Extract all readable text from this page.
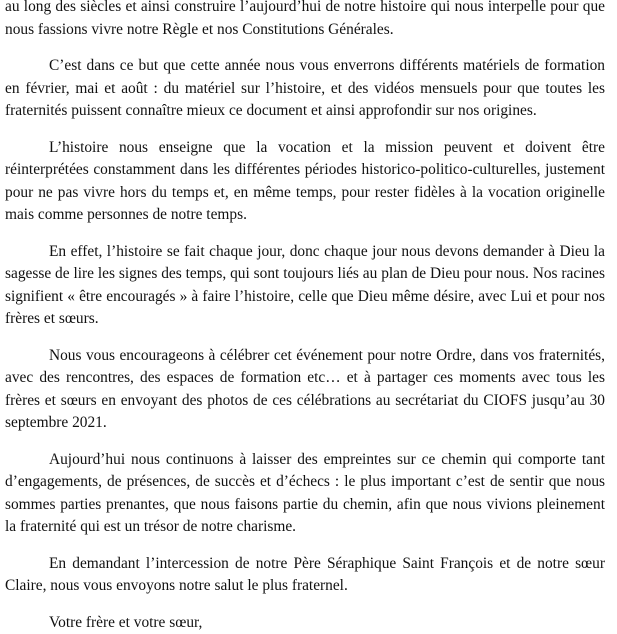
au long des siècles et ainsi construire l’aujourd’hui de notre histoire qui nous interpelle pour que nous fassions vivre notre Règle et nos Constitutions Générales.

C’est dans ce but que cette année nous vous enverrons différents matériels de formation en février, mai et août : du matériel sur l’histoire, et des vidéos mensuels pour que toutes les fraternités puissent connaître mieux ce document et ainsi approfondir sur nos origines.

L’histoire nous enseigne que la vocation et la mission peuvent et doivent être réinterprétées constamment dans les différentes périodes historico-politico-culturelles, justement pour ne pas vivre hors du temps et, en même temps, pour rester fidèles à la vocation originelle mais comme personnes de notre temps.

En effet, l’histoire se fait chaque jour, donc chaque jour nous devons demander à Dieu la sagesse de lire les signes des temps, qui sont toujours liés au plan de Dieu pour nous. Nos racines signifient « être encouragés » à faire l’histoire, celle que Dieu même désire, avec Lui et pour nos frères et sœurs.

Nous vous encourageons à célébrer cet événement pour notre Ordre, dans vos fraternités, avec des rencontres, des espaces de formation etc… et à partager ces moments avec tous les frères et sœurs en envoyant des photos de ces célébrations au secrétariat du CIOFS jusqu’au 30 septembre 2021.

Aujourd’hui nous continuons à laisser des empreintes sur ce chemin qui comporte tant d’engagements, de présences, de succès et d’échecs : le plus important c’est de sentir que nous sommes parties prenantes, que nous faisons partie du chemin, afin que nous vivions pleinement la fraternité qui est un trésor de notre charisme.

En demandant l’intercession de notre Père Séraphique Saint François et de notre sœur Claire, nous vous envoyons notre salut le plus fraternel.

Votre frère et votre sœur,
